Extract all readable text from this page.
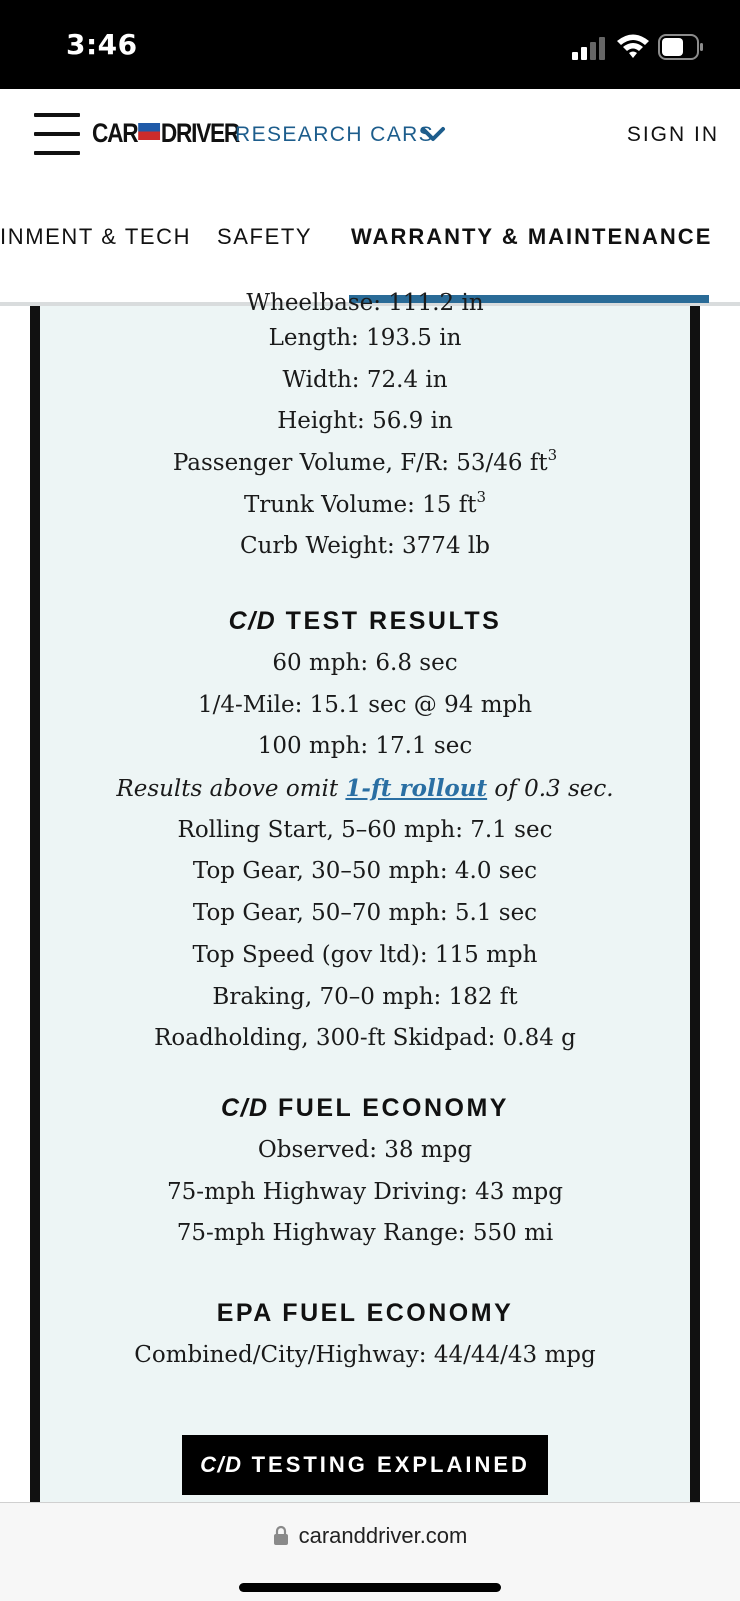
3:46
CAR DRIVER
RESEARCH CARS	SIGN IN
INMENT & TECH SAFETY WARRANTY & MAINTENANCE
Wheelbase: 111.2 in
Length: 193.5 in
Width: 72.4 in
Height: 56.9 in
Passenger Volume, F/R: 53/46 $ft^3$
Trunk Volume: 15 $ft^3$
Curb Weight: 3774 lb
C/D TEST RESULTS
60 mph: 6.8 sec
1/4-Mile: 15.1 sec @ 94 mph
100 mph: 17.1 sec
Results above omit 1-ft rollout of 0.3 sec.
Rolling Start, 5–60 mph: 7.1 sec
Top Gear, 30–50 mph: 4.0 sec
Top Gear, 50–70 mph: 5.1 sec
Top Speed (gov ltd): 115 mph
Braking, 70–0 mph: 182 ft
Roadholding, 300-ft Skidpad: 0.84 g
C/D FUEL ECONOMY
Observed: 38 mpg
75-mph Highway Driving: 43 mpg
75-mph Highway Range: 550 mi
EPA FUEL ECONOMY
Combined/City/Highway: 44/44/43 mpg
C/D TESTING EXPLAINED
caranddriver.com
